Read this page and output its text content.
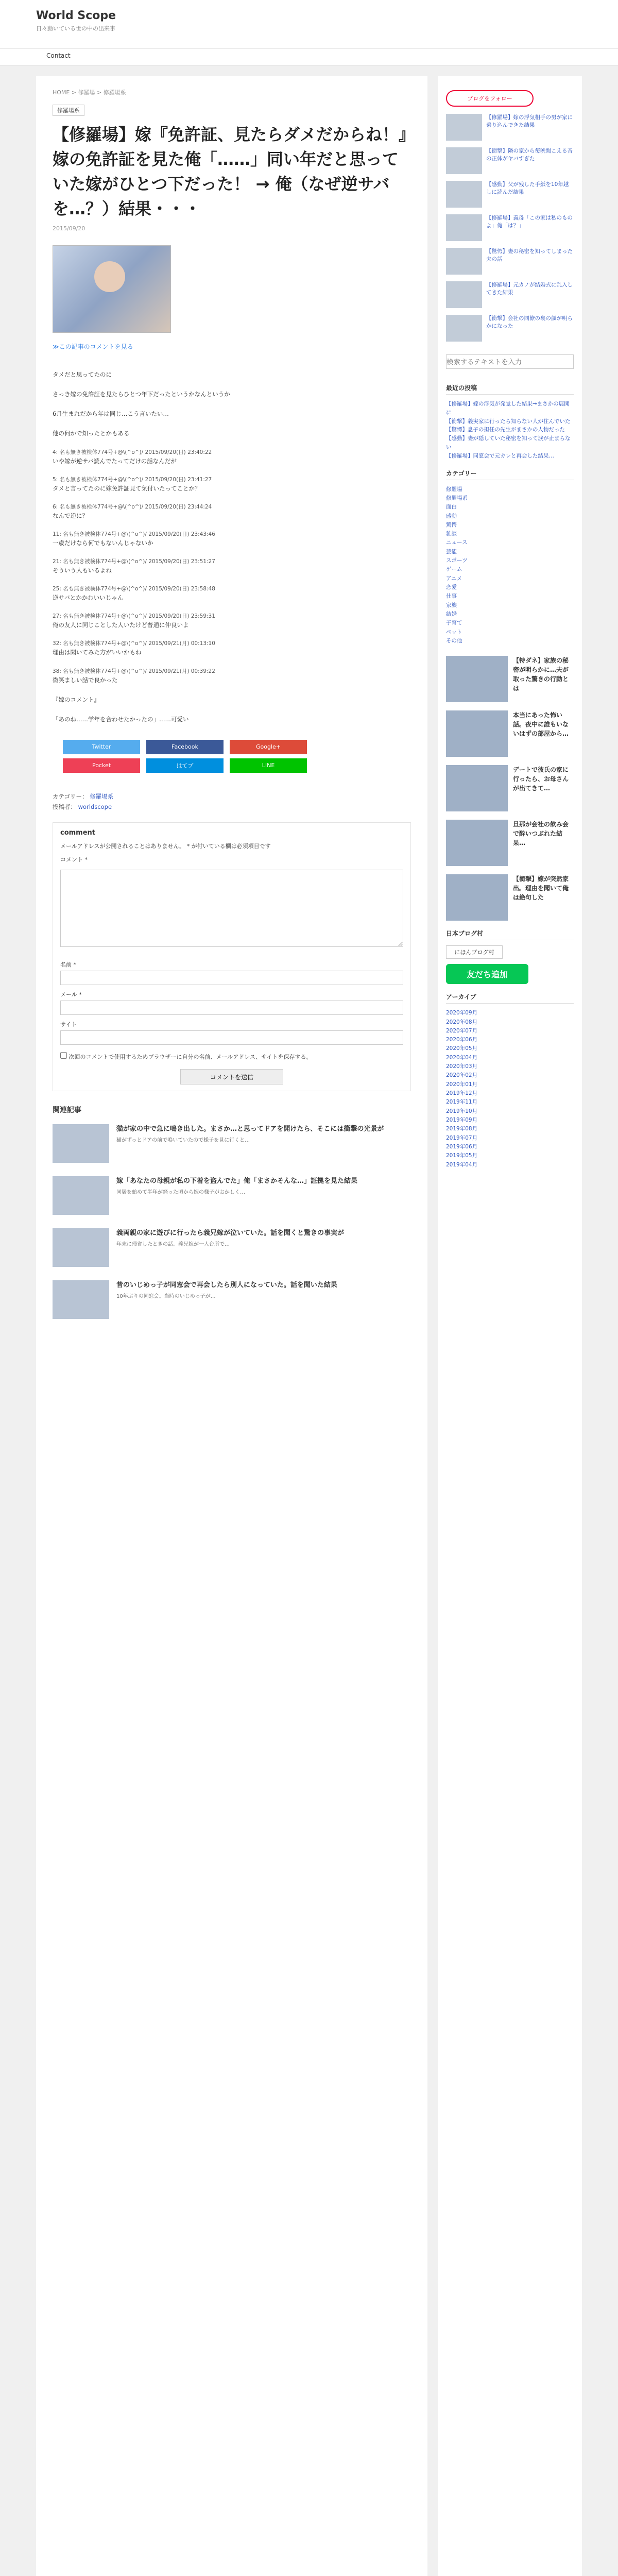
World Scope
日々動いている世の中の出来事
Contact
HOME > 修羅場 > 修羅場系
修羅場系
【修羅場】嫁『免許証、見たらダメだからね！』嫁の免許証を見た俺「……」同い年だと思っていた嫁がひとつ下だった！ → 俺（なぜ逆サバを…？）結果・・・
2015/09/20
≫この記事のコメントを見る
タメだと思ってたのに
さっき嫁の免許証を見たらひとつ年下だったというかなんというか
6月生まれだから年は同じ…こう言いたい…
他の何かで知ったとかもある
4: 名も無き被検体774号+@\(^o^)/ 2015/09/20(日) 23:40:22
いや嫁が逆サバ読んでたってだけの話なんだが
5: 名も無き被検体774号+@\(^o^)/ 2015/09/20(日) 23:41:27
タメと言ってたのに嫁免許証見て気付いたってことか？
6: 名も無き被検体774号+@\(^o^)/ 2015/09/20(日) 23:44:24
なんで逆に？
11: 名も無き被検体774号+@\(^o^)/ 2015/09/20(日) 23:43:46
一歳だけなら何でもないんじゃないか
21: 名も無き被検体774号+@\(^o^)/ 2015/09/20(日) 23:51:27
そういう人もいるよね
25: 名も無き被検体774号+@\(^o^)/ 2015/09/20(日) 23:58:48
逆サバとかかわいいじゃん
27: 名も無き被検体774号+@\(^o^)/ 2015/09/20(日) 23:59:31
俺の友人に同じことした人いたけど普通に仲良いよ
32: 名も無き被検体774号+@\(^o^)/ 2015/09/21(月) 00:13:10
理由は聞いてみた方がいいかもね
38: 名も無き被検体774号+@\(^o^)/ 2015/09/21(月) 00:39:22
微笑ましい話で良かった
『嫁のコメント』
「あのね……学年を合わせたかったの」……可愛い
Twitter	Facebook	Google+
Pocket	はてブ	LINE
カテゴリー： 修羅場系
投稿者： worldscope
comment
メールアドレスが公開されることはありません。 * が付いている欄は必須項目です
コメント *
名前 *
メール *
サイト
次回のコメントで使用するためブラウザーに自分の名前、メールアドレス、サイトを保存する。
コメントを送信
関連記事
猫が家の中で急に鳴き出した。まさか…と思ってドアを開けたら、そこには衝撃の光景が
猫がずっとドアの前で鳴いていたので様子を見に行くと…
嫁「あなたの母親が私の下着を盗んでた」俺「まさかそんな…」証拠を見た結果
同居を始めて半年が経った頃から嫁の様子がおかしく…
義両親の家に遊びに行ったら義兄嫁が泣いていた。話を聞くと驚きの事実が
年末に帰省したときの話。義兄嫁が一人台所で…
昔のいじめっ子が同窓会で再会したら別人になっていた。話を聞いた結果
10年ぶりの同窓会。当時のいじめっ子が…
ブログをフォロー
【修羅場】嫁の浮気相手の男が家に乗り込んできた結果
【衝撃】隣の家から毎晩聞こえる音の正体がヤバすぎた
【感動】父が残した手紙を10年越しに読んだ結果
【修羅場】義母「この家は私のものよ」俺「は？」
【驚愕】妻の秘密を知ってしまった夫の話
【修羅場】元カノが結婚式に乱入してきた結果
【衝撃】会社の同僚の裏の顔が明らかになった
検索するテキストを入力
最近の投稿
【修羅場】嫁の浮気が発覚した結果→まさかの展開に
【衝撃】義実家に行ったら知らない人が住んでいた
【驚愕】息子の担任の先生がまさかの人物だった
【感動】妻が隠していた秘密を知って涙が止まらない
【修羅場】同窓会で元カレと再会した結果…
カテゴリー
修羅場
修羅場系
面白
感動
驚愕
雑談
ニュース
芸能
スポーツ
ゲーム
アニメ
恋愛
仕事
家族
結婚
子育て
ペット
その他
【特ダネ】家族の秘密が明らかに…夫が取った驚きの行動とは
本当にあった怖い話。夜中に誰もいないはずの部屋から…
デートで彼氏の家に行ったら、お母さんが出てきて…
旦那が会社の飲み会で酔いつぶれた結果…
【衝撃】嫁が突然家出。理由を聞いて俺は絶句した
日本ブログ村
にほんブログ村
友だち追加
アーカイブ
2020年09月
2020年08月
2020年07月
2020年06月
2020年05月
2020年04月
2020年03月
2020年02月
2020年01月
2019年12月
2019年11月
2019年10月
2019年09月
2019年08月
2019年07月
2019年06月
2019年05月
2019年04月
